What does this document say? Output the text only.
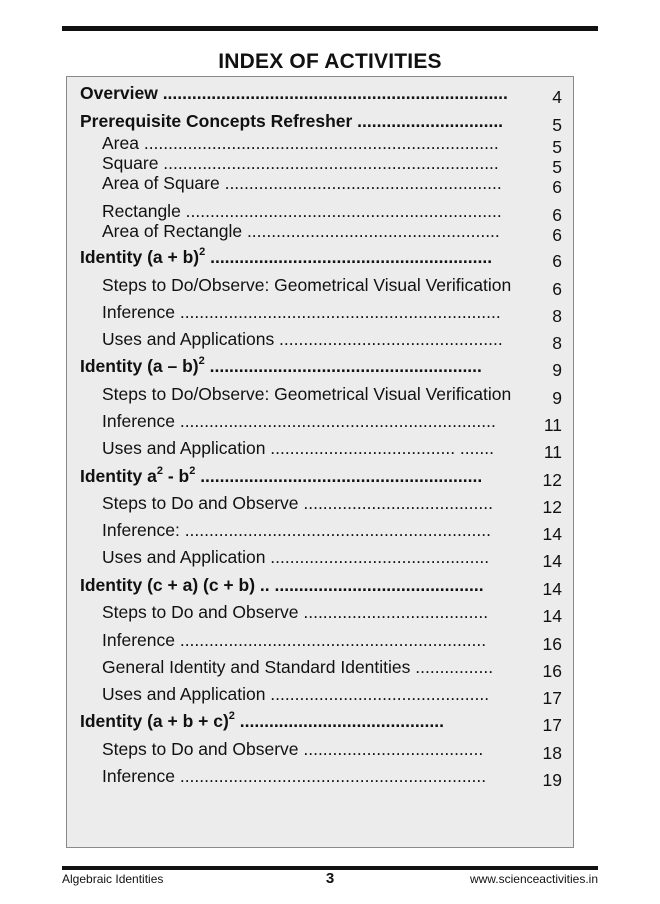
INDEX OF ACTIVITIES
Overview .......................................................................	4
Prerequisite Concepts Refresher ..............................	5
Area .........................................................................	5
Square .....................................................................	5
Area of Square .........................................................	6
Rectangle .................................................................	6
Area of Rectangle ....................................................	6
Identity $(a + b)^2$ ..........................................................	6
Steps to Do/Observe: Geometrical Visual Verification 6
Inference ..................................................................	8
Uses and Applications ..............................................	8
Identity (a – b)$^2$ ........................................................	9
Steps to Do/Observe: Geometrical Visual Verification 9
Inference .................................................................	11
Uses and Application ...................................... .......	11
Identity $a^2 - b^2$ ..........................................................	12
Steps to Do and Observe .......................................	12
Inference: ...............................................................	14
Uses and Application .............................................	14
Identity (c + a) (c + b) .. ...........................................	14
Steps to Do and Observe ......................................	14
Inference ...............................................................	16
General Identity and Standard Identities ................	16
Uses and Application .............................................	17
Identity $(a + b + c)^2$ ..........................................	17
Steps to Do and Observe .....................................	18
Inference ...............................................................	19
Algebraic Identities	3	www.scienceactivities.in
